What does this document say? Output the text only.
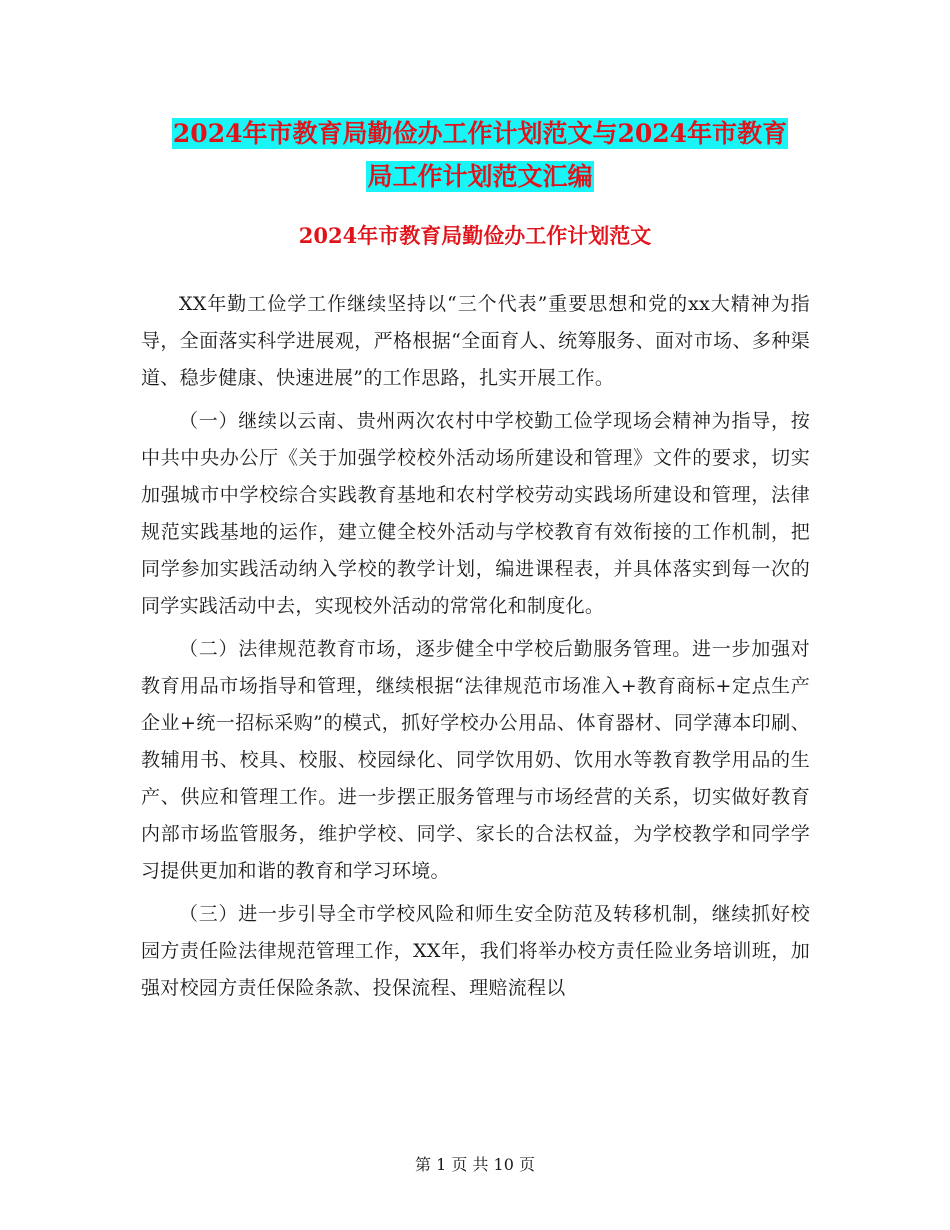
2024年市教育局勤俭办工作计划范文与2024年市教育
局工作计划范文汇编
2024年市教育局勤俭办工作计划范文

XX年勤工俭学工作继续坚持以“三个代表”重要思想和党的xx大精神为指导，全面落实科学进展观，严格根据“全面育人、统筹服务、面对市场、多种渠道、稳步健康、快速进展”的工作思路，扎实开展工作。

（一）继续以云南、贵州两次农村中学校勤工俭学现场会精神为指导，按中共中央办公厅《关于加强学校校外活动场所建设和管理》文件的要求，切实加强城市中学校综合实践教育基地和农村学校劳动实践场所建设和管理，法律规范实践基地的运作，建立健全校外活动与学校教育有效衔接的工作机制，把同学参加实践活动纳入学校的教学计划，编进课程表，并具体落实到每一次的同学实践活动中去，实现校外活动的常常化和制度化。

（二）法律规范教育市场，逐步健全中学校后勤服务管理。进一步加强对教育用品市场指导和管理，继续根据“法律规范市场准入+教育商标+定点生产企业+统一招标采购”的模式，抓好学校办公用品、体育器材、同学薄本印刷、教辅用书、校具、校服、校园绿化、同学饮用奶、饮用水等教育教学用品的生产、供应和管理工作。进一步摆正服务管理与市场经营的关系，切实做好教育内部市场监管服务，维护学校、同学、家长的合法权益，为学校教学和同学学习提供更加和谐的教育和学习环境。

（三）进一步引导全市学校风险和师生安全防范及转移机制，继续抓好校园方责任险法律规范管理工作，XX年，我们将举办校方责任险业务培训班，加强对校园方责任保险条款、投保流程、理赔流程以

第 1 页 共 10 页
